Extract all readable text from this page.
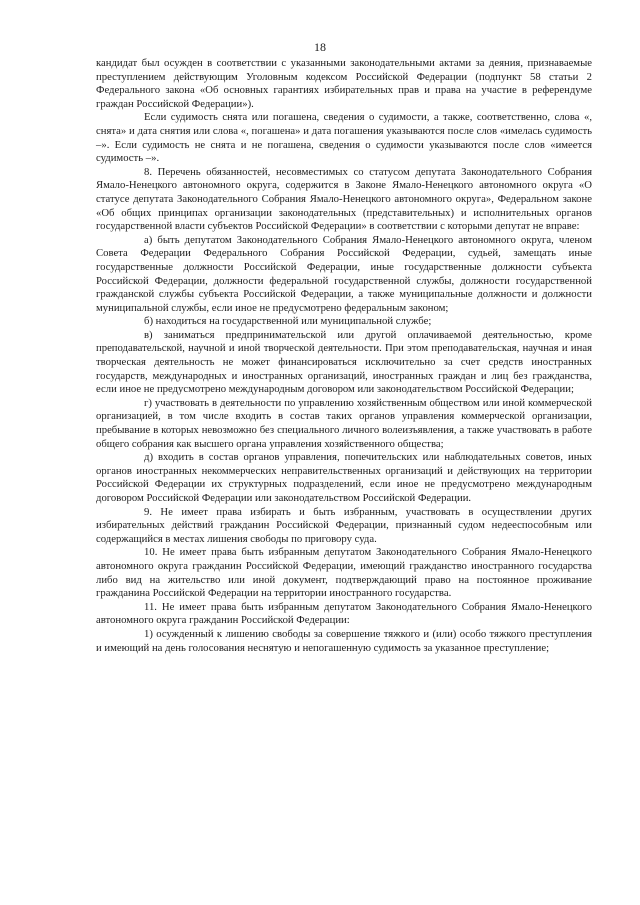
18

кандидат был осужден в соответствии с указанными законодательными актами за деяния, признаваемые преступлением действующим Уголовным кодексом Российской Федерации (подпункт 58 статьи 2 Федерального закона «Об основных гарантиях избирательных прав и права на участие в референдуме граждан Российской Федерации»).

Если судимость снята или погашена, сведения о судимости, а также, соответственно, слова «, снята» и дата снятия или слова «, погашена» и дата погашения указываются после слов «имелась судимость –». Если судимость не снята и не погашена, сведения о судимости указываются после слов «имеется судимость –».

8. Перечень обязанностей, несовместимых со статусом депутата Законодательного Собрания Ямало-Ненецкого автономного округа, содержится в Законе Ямало-Ненецкого автономного округа «О статусе депутата Законодательного Собрания Ямало-Ненецкого автономного округа», Федеральном законе «Об общих принципах организации законодательных (представительных) и исполнительных органов государственной власти субъектов Российской Федерации» в соответствии с которыми депутат не вправе:

а) быть депутатом Законодательного Собрания Ямало-Ненецкого автономного округа, членом Совета Федерации Федерального Собрания Российской Федерации, судьей, замещать иные государственные должности Российской Федерации, иные государственные должности субъекта Российской Федерации, должности федеральной государственной службы, должности государственной гражданской службы субъекта Российской Федерации, а также муниципальные должности и должности муниципальной службы, если иное не предусмотрено федеральным законом;

б) находиться на государственной или муниципальной службе;

в) заниматься предпринимательской или другой оплачиваемой деятельностью, кроме преподавательской, научной и иной творческой деятельности. При этом преподавательская, научная и иная творческая деятельность не может финансироваться исключительно за счет средств иностранных государств, международных и иностранных организаций, иностранных граждан и лиц без гражданства, если иное не предусмотрено международным договором или законодательством Российской Федерации;

г) участвовать в деятельности по управлению хозяйственным обществом или иной коммерческой организацией, в том числе входить в состав таких органов управления коммерческой организации, пребывание в которых невозможно без специального личного волеизъявления, а также участвовать в работе общего собрания как высшего органа управления хозяйственного общества;

д) входить в состав органов управления, попечительских или наблюдательных советов, иных органов иностранных некоммерческих неправительственных организаций и действующих на территории Российской Федерации их структурных подразделений, если иное не предусмотрено международным договором Российской Федерации или законодательством Российской Федерации.

9. Не имеет права избирать и быть избранным, участвовать в осуществлении других избирательных действий гражданин Российской Федерации, признанный судом недееспособным или содержащийся в местах лишения свободы по приговору суда.

10. Не имеет права быть избранным депутатом Законодательного Собрания Ямало-Ненецкого автономного округа гражданин Российской Федерации, имеющий гражданство иностранного государства либо вид на жительство или иной документ, подтверждающий право на постоянное проживание гражданина Российской Федерации на территории иностранного государства.

11. Не имеет права быть избранным депутатом Законодательного Собрания Ямало-Ненецкого автономного округа гражданин Российской Федерации:

1) осужденный к лишению свободы за совершение тяжкого и (или) особо тяжкого преступления и имеющий на день голосования неснятую и непогашенную судимость за указанное преступление;
